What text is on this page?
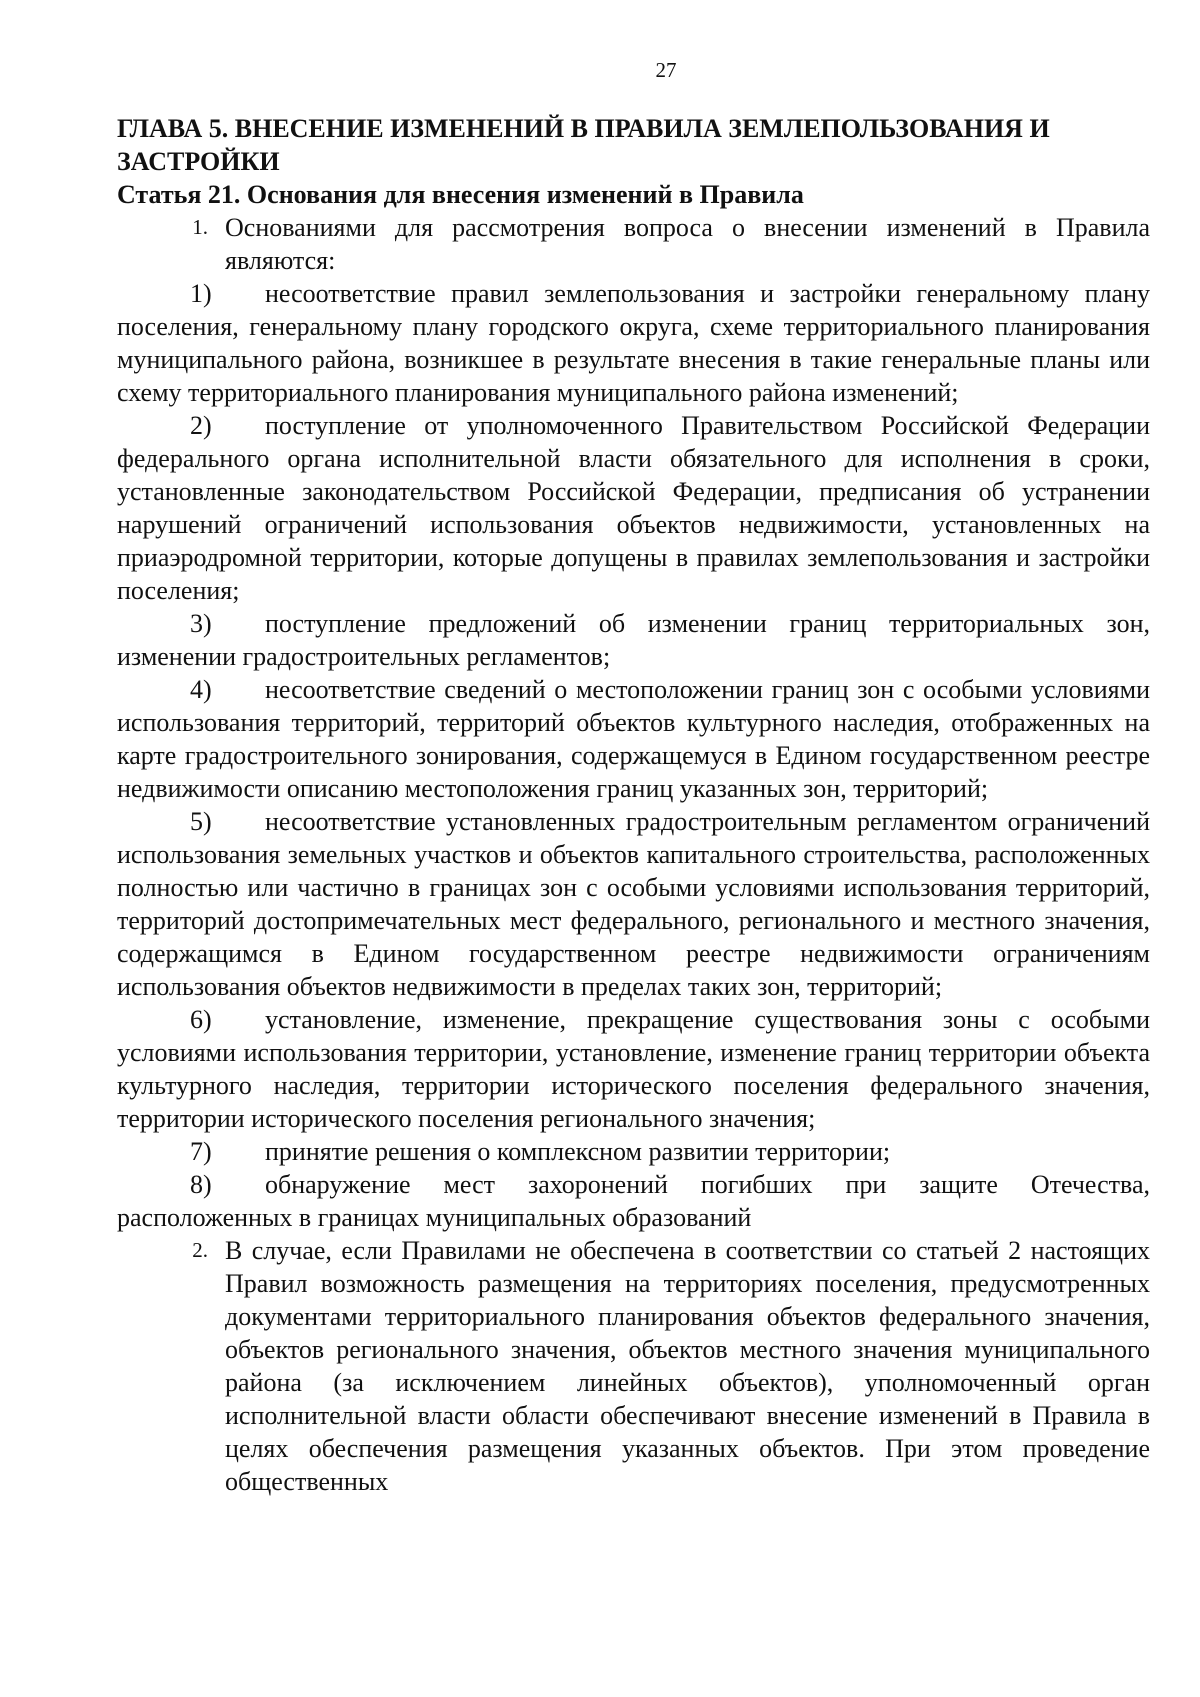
27
ГЛАВА 5. ВНЕСЕНИЕ ИЗМЕНЕНИЙ В ПРАВИЛА ЗЕМЛЕПОЛЬЗОВАНИЯ И ЗАСТРОЙКИ
Статья 21. Основания для внесения изменений в Правила
1. Основаниями для рассмотрения вопроса о внесении изменений в Правила
являются:

1) несоответствие правил землепользования и застройки генеральному плану поселения, генеральному плану городского округа, схеме территориального планирования муниципального района, возникшее в результате внесения в такие генеральные планы или схему территориального планирования муниципального района изменений;

2) поступление от уполномоченного Правительством Российской Федерации федерального органа исполнительной власти обязательного для исполнения в сроки, установленные законодательством Российской Федерации, предписания об устранении нарушений ограничений использования объектов недвижимости, установленных на приаэродромной территории, которые допущены в правилах землепользования и застройки поселения;

3) поступление предложений об изменении границ территориальных зон, изменении градостроительных регламентов;

4) несоответствие сведений о местоположении границ зон с особыми условиями использования территорий, территорий объектов культурного наследия, отображенных на карте градостроительного зонирования, содержащемуся в Едином государственном реестре недвижимости описанию местоположения границ указанных зон, территорий;

5) несоответствие установленных градостроительным регламентом ограничений использования земельных участков и объектов капитального строительства, расположенных полностью или частично в границах зон с особыми условиями использования территорий, территорий достопримечательных мест федерального, регионального и местного значения, содержащимся в Едином государственном реестре недвижимости ограничениям использования объектов недвижимости в пределах таких зон, территорий;

6) установление, изменение, прекращение существования зоны с особыми условиями использования территории, установление, изменение границ территории объекта культурного наследия, территории исторического поселения федерального значения, территории исторического поселения регионального значения;

7) принятие решения о комплексном развитии территории;

8) обнаружение мест захоронений погибших при защите Отечества, расположенных в границах муниципальных образований

2. В случае, если Правилами не обеспечена в соответствии со статьей 2 настоящих Правил возможность размещения на территориях поселения, предусмотренных документами территориального планирования объектов федерального значения, объектов регионального значения, объектов местного значения муниципального района (за исключением линейных объектов), уполномоченный орган исполнительной власти области обеспечивают внесение изменений в Правила в целях обеспечения размещения указанных объектов. При этом проведение общественных
